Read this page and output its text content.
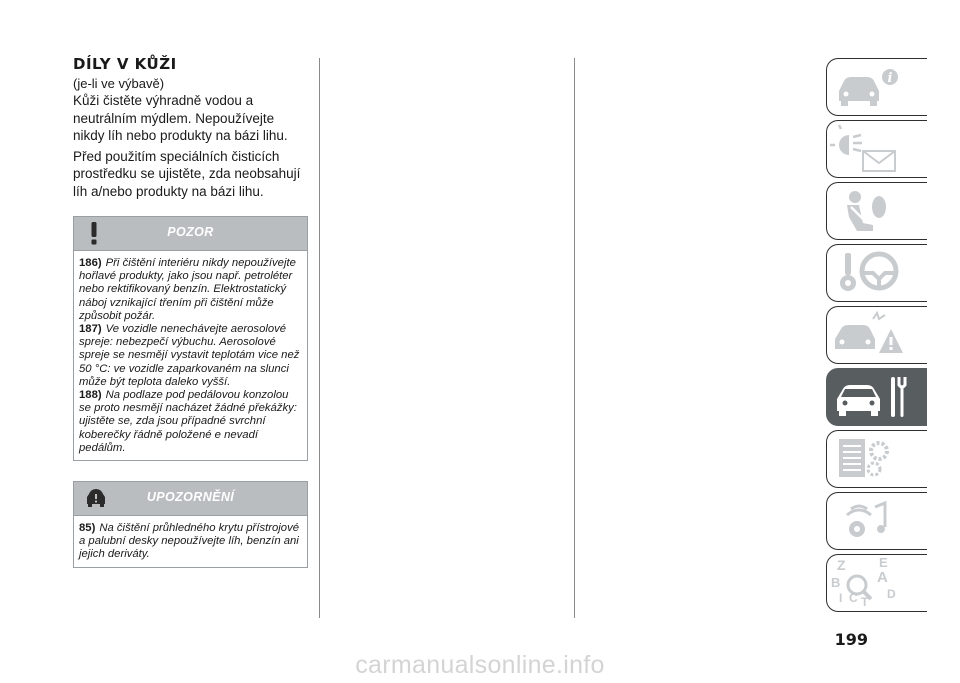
DÍLY V KŮŽI
(je-li ve výbavě)

Kůži čistěte výhradně vodou a neutrálním mýdlem. Nepoužívejte nikdy líh nebo produkty na bázi lihu.

Před použitím speciálních čisticích prostředku se ujistěte, zda neobsahují líh a/nebo produkty na bázi lihu.

POZOR

186) Při čištění interiéru nikdy nepoužívejte hořlavé produkty, jako jsou např. petroléter nebo rektifikovaný benzín. Elektrostatický náboj vznikající třením při čištění může způsobit požár.

187) Ve vozidle nenechávejte aerosolové spreje: nebezpečí výbuchu. Aerosolové spreje se nesmějí vystavit teplotám vice než 50 °C: ve vozidle zaparkovaném na slunci může být teplota daleko vyšší.

188) Na podlaze pod pedálovou konzolou se proto nesmějí nacházet žádné překážky: ujistěte se, zda jsou případné svrchní koberečky řádně položené e nevadí pedálům.

UPOZORNĚNÍ

85) Na čištění průhledného krytu přístrojové a palubní desky nepoužívejte líh, benzín ani jejich deriváty.

i
Z	E
B A
I C T
D
199
carmanualsonline.info
